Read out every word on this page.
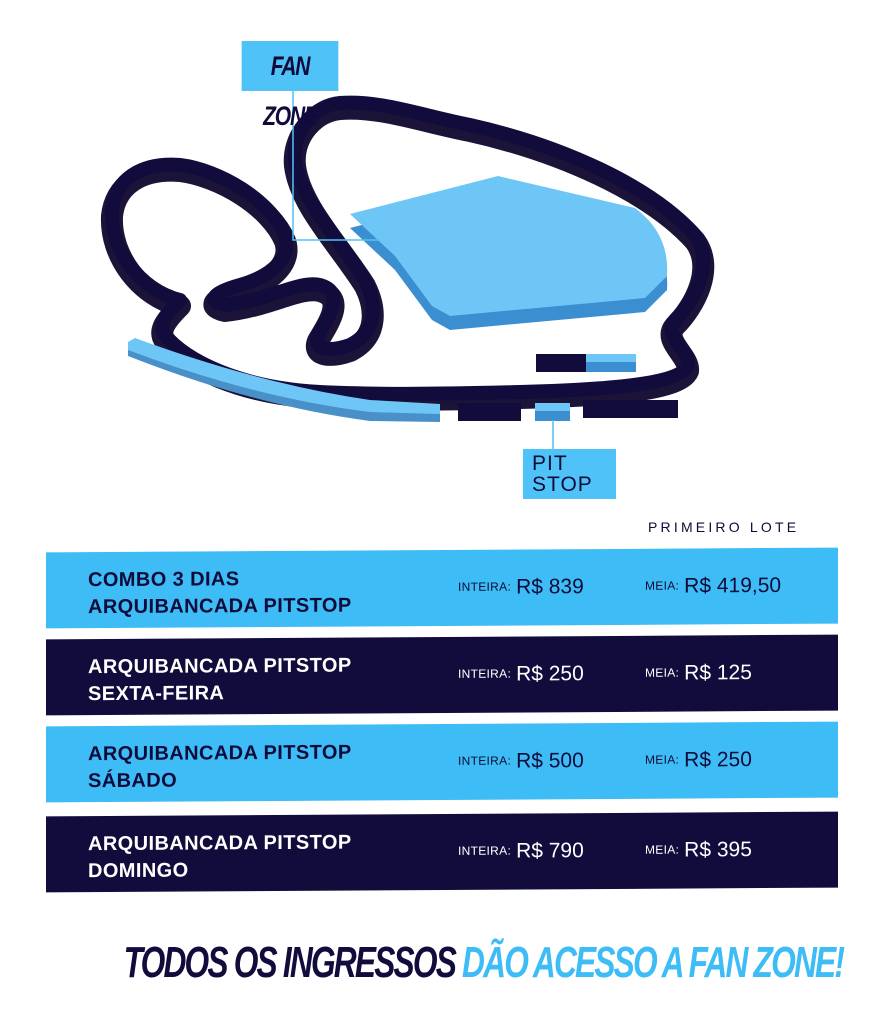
FAN ZONE
PIT
STOP
PRIMEIRO LOTE
COMBO 3 DIAS
ARQUIBANCADA PITSTOP
INTEIRA: R$ 839	MEIA: R$ 419,50
ARQUIBANCADA PITSTOP
SEXTA-FEIRA
INTEIRA: R$ 250	MEIA: R$ 125
ARQUIBANCADA PITSTOP
SÁBADO
INTEIRA: R$ 500	MEIA: R$ 250
ARQUIBANCADA PITSTOP
DOMINGO
INTEIRA: R$ 790	MEIA: R$ 395
TODOS OS INGRESSOS DÃO ACESSO A FAN ZONE!
